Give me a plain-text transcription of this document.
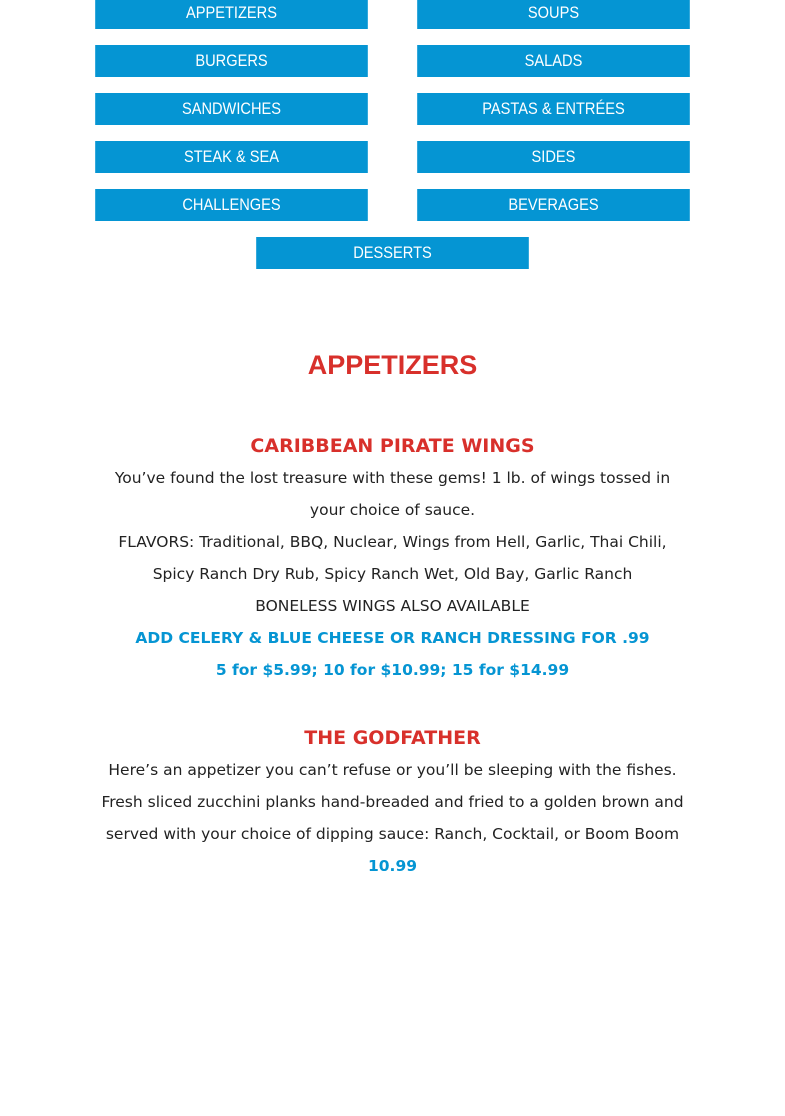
APPETIZERS	SOUPS
BURGERS	SALADS
SANDWICHES	PASTAS & ENTRÉES
STEAK & SEA	SIDES
CHALLENGES	BEVERAGES
DESSERTS
APPETIZERS

CARIBBEAN PIRATE WINGS

You’ve found the lost treasure with these gems! 1 lb. of wings tossed in your choice of sauce.

FLAVORS: Traditional, BBQ, Nuclear, Wings from Hell, Garlic, Thai Chili, Spicy Ranch Dry Rub, Spicy Ranch Wet, Old Bay, Garlic Ranch

BONELESS WINGS ALSO AVAILABLE

ADD CELERY & BLUE CHEESE OR RANCH DRESSING FOR .99

5 for $5.99; 10 for $10.99; 15 for $14.99

THE GODFATHER

Here’s an appetizer you can’t refuse or you’ll be sleeping with the fishes. Fresh sliced zucchini planks hand-breaded and fried to a golden brown and served with your choice of dipping sauce: Ranch, Cocktail, or Boom Boom

10.99
